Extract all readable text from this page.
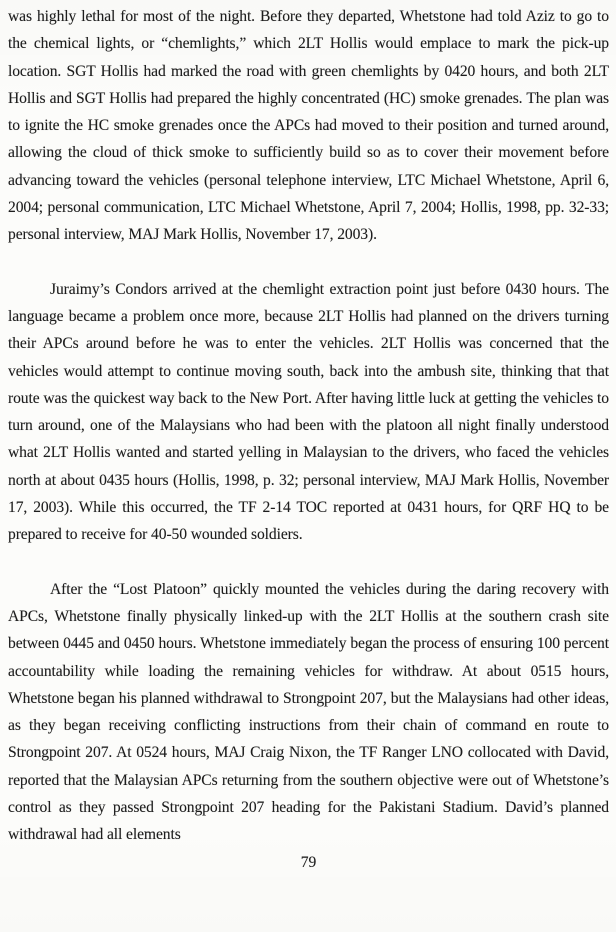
was highly lethal for most of the night. Before they departed, Whetstone had told Aziz to go to the chemical lights, or “chemlights,” which 2LT Hollis would emplace to mark the pick-up location. SGT Hollis had marked the road with green chemlights by 0420 hours, and both 2LT Hollis and SGT Hollis had prepared the highly concentrated (HC) smoke grenades. The plan was to ignite the HC smoke grenades once the APCs had moved to their position and turned around, allowing the cloud of thick smoke to sufficiently build so as to cover their movement before advancing toward the vehicles (personal telephone interview, LTC Michael Whetstone, April 6, 2004; personal communication, LTC Michael Whetstone, April 7, 2004; Hollis, 1998, pp. 32-33; personal interview, MAJ Mark Hollis, November 17, 2003).

Juraimy’s Condors arrived at the chemlight extraction point just before 0430 hours. The language became a problem once more, because 2LT Hollis had planned on the drivers turning their APCs around before he was to enter the vehicles. 2LT Hollis was concerned that the vehicles would attempt to continue moving south, back into the ambush site, thinking that that route was the quickest way back to the New Port. After having little luck at getting the vehicles to turn around, one of the Malaysians who had been with the platoon all night finally understood what 2LT Hollis wanted and started yelling in Malaysian to the drivers, who faced the vehicles north at about 0435 hours (Hollis, 1998, p. 32; personal interview, MAJ Mark Hollis, November 17, 2003). While this occurred, the TF 2-14 TOC reported at 0431 hours, for QRF HQ to be prepared to receive for 40-50 wounded soldiers.

After the “Lost Platoon” quickly mounted the vehicles during the daring recovery with APCs, Whetstone finally physically linked-up with the 2LT Hollis at the southern crash site between 0445 and 0450 hours. Whetstone immediately began the process of ensuring 100 percent accountability while loading the remaining vehicles for withdraw. At about 0515 hours, Whetstone began his planned withdrawal to Strongpoint 207, but the Malaysians had other ideas, as they began receiving conflicting instructions from their chain of command en route to Strongpoint 207. At 0524 hours, MAJ Craig Nixon, the TF Ranger LNO collocated with David, reported that the Malaysian APCs returning from the southern objective were out of Whetstone’s control as they passed Strongpoint 207 heading for the Pakistani Stadium. David’s planned withdrawal had all elements

79
